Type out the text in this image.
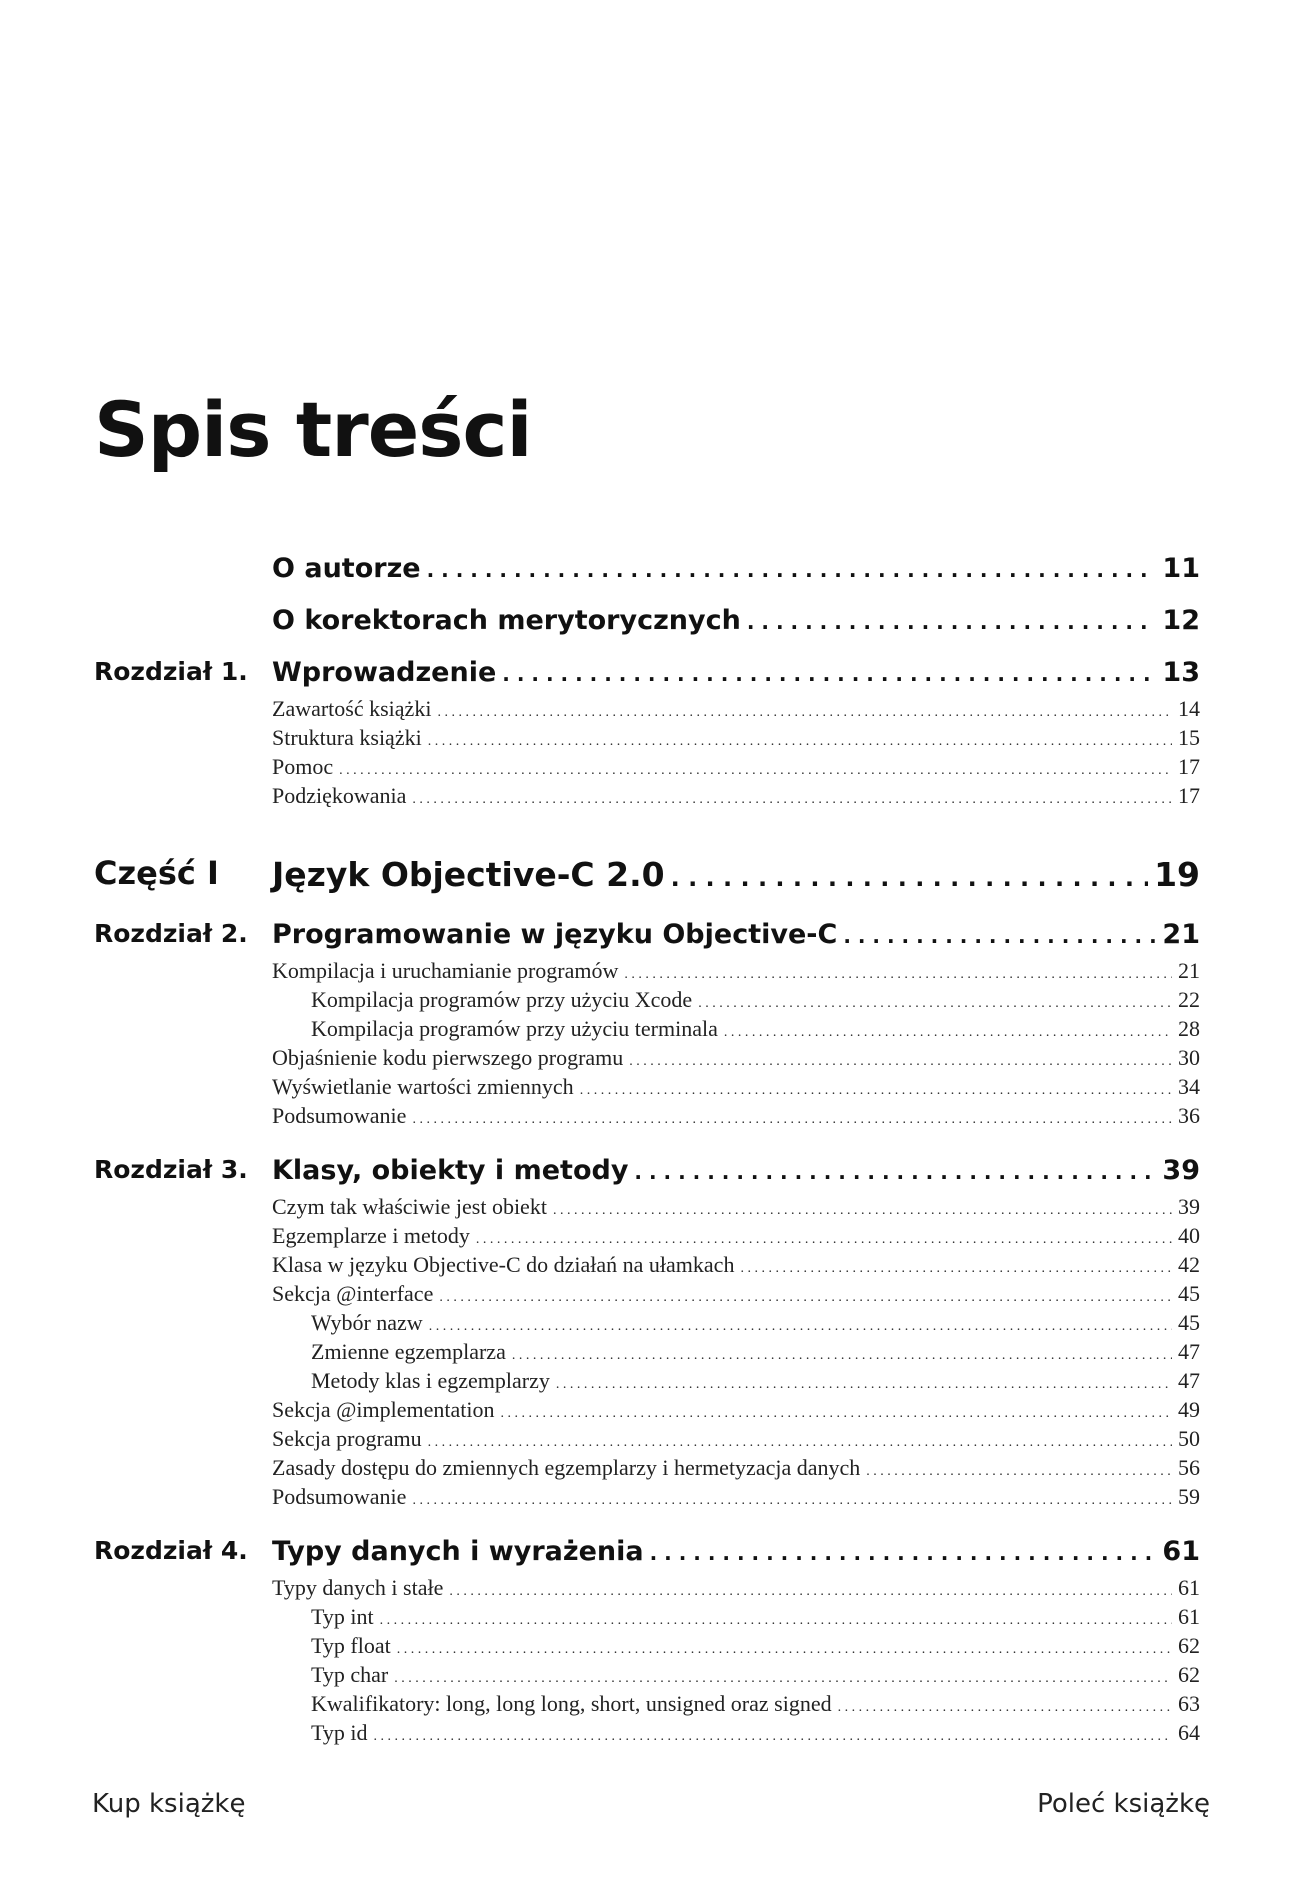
Spis treści
O autorze . . .	11
O korektorach merytorycznych . . .	12
Rozdział 1. Wprowadzenie . . .	13
Zawartość książki . . .	14
Struktura książki . . .	15
Pomoc . . .	17
Podziękowania . . .	17
Część I Język Objective-C 2.0 . . .	19
Rozdział 2. Programowanie w języku Objective-C . . .	21
Kompilacja i uruchamianie programów . . .	21
Kompilacja programów przy użyciu Xcode . . .	22
Kompilacja programów przy użyciu terminala . . .	28
Objaśnienie kodu pierwszego programu . . .	30
Wyświetlanie wartości zmiennych . . .	34
Podsumowanie . . .	36
Rozdział 3. Klasy, obiekty i metody . . .	39
Czym tak właściwie jest obiekt . . .	39
Egzemplarze i metody . . .	40
Klasa w języku Objective-C do działań na ułamkach . . .	42
Sekcja @interface . . .	45
Wybór nazw . . .	45
Zmienne egzemplarza . . .	47
Metody klas i egzemplarzy . . .	47
Sekcja @implementation . . .	49
Sekcja programu . . .	50
Zasady dostępu do zmiennych egzemplarzy i hermetyzacja danych . . .	56
Podsumowanie . . .	59
Rozdział 4. Typy danych i wyrażenia . . .	61
Typy danych i stałe . . .	61
Typ int . . .	61
Typ float . . .	62
Typ char . . .	62
Kwalifikatory: long, long long, short, unsigned oraz signed . . .	63
Typ id . . .	64
Kup książkę	Poleć książkę
